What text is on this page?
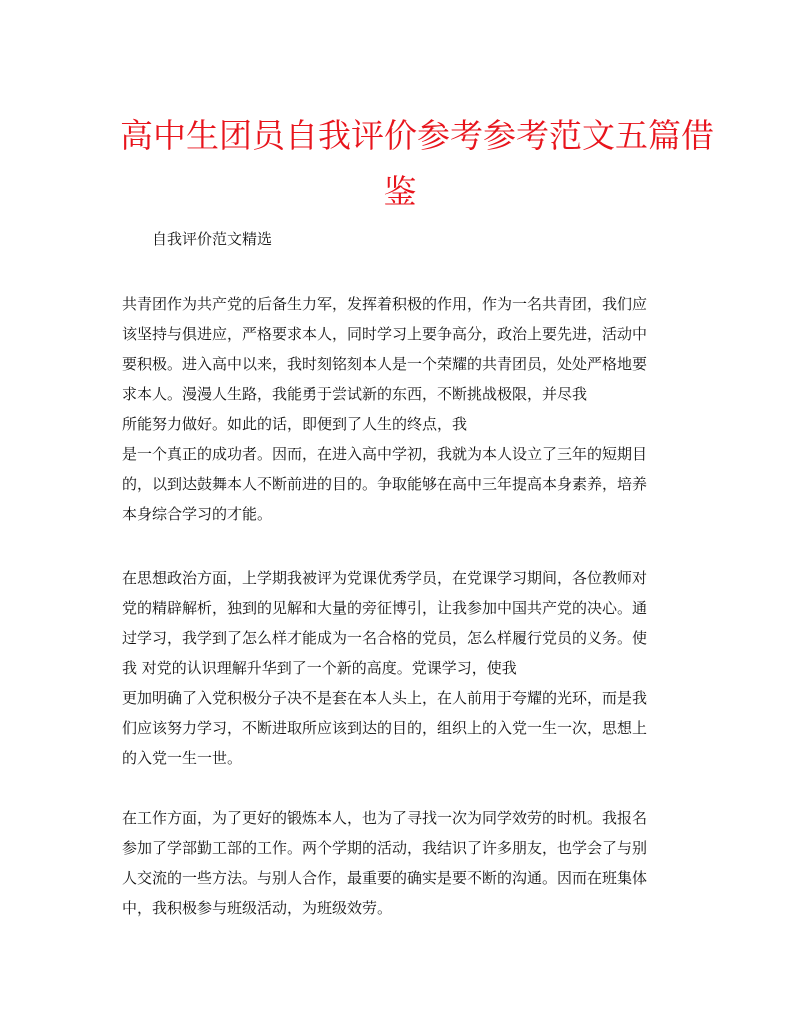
高中生团员自我评价参考参考范文五篇借
鉴

自我评价范文精选

共青团作为共产党的后备生力军，发挥着积极的作用，作为一名共青团，我们应
该坚持与俱进应，严格要求本人，同时学习上要争高分，政治上要先进，活动中
要积极。进入高中以来，我时刻铭刻本人是一个荣耀的共青团员，处处严格地要
求本人。漫漫人生路，我能勇于尝试新的东西，不断挑战极限，并尽我
所能努力做好。如此的话，即便到了人生的终点，我
是一个真正的成功者。因而，在进入高中学初，我就为本人设立了三年的短期目
的，以到达鼓舞本人不断前进的目的。争取能够在高中三年提高本身素养，培养
本身综合学习的才能。
在思想政治方面，上学期我被评为党课优秀学员，在党课学习期间，各位教师对
党的精辟解析，独到的见解和大量的旁征博引，让我参加中国共产党的决心。通
过学习，我学到了怎么样才能成为一名合格的党员，怎么样履行党员的义务。使
我 对党的认识理解升华到了一个新的高度。党课学习，使我
更加明确了入党积极分子决不是套在本人头上，在人前用于夸耀的光环，而是我
们应该努力学习，不断进取所应该到达的目的，组织上的入党一生一次，思想上
的入党一生一世。
在工作方面，为了更好的锻炼本人，也为了寻找一次为同学效劳的时机。我报名
参加了学部勤工部的工作。两个学期的活动，我结识了许多朋友，也学会了与别
人交流的一些方法。与别人合作，最重要的确实是要不断的沟通。因而在班集体
中，我积极参与班级活动，为班级效劳。
